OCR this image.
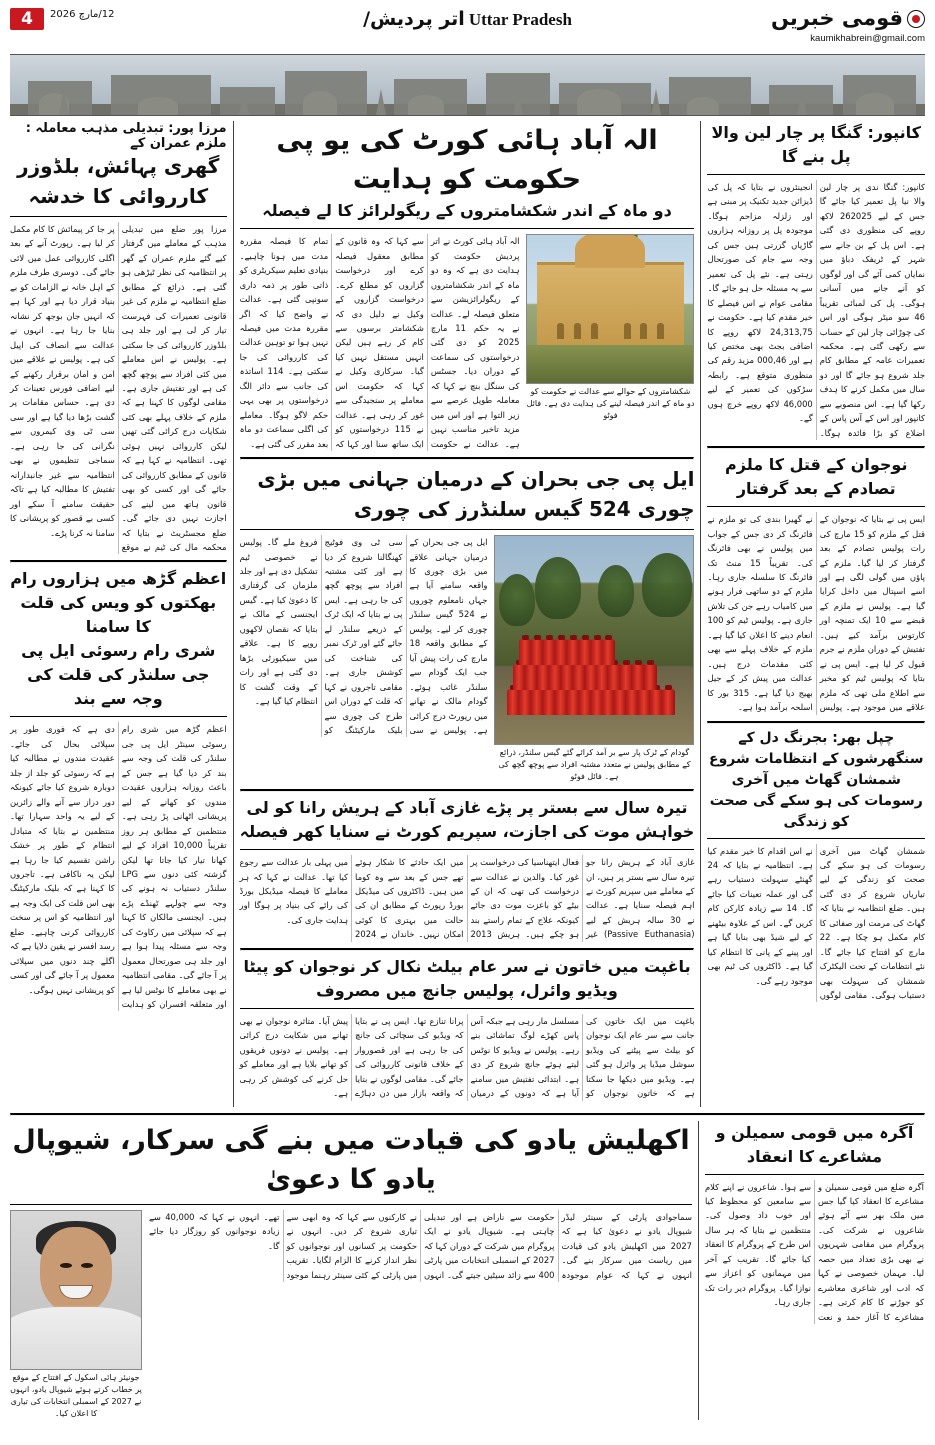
4	12/مارچ 2026	Uttar Pradesh
اتر پردیش/	قومی خبریں
kaumikhabrein@gmail.com
مرزا پور: تبدیلی مذہب معاملہ : ملزم عمران کے
گھری پہائش، بلڈوزر کارروائی کا خدشہ
مرزا پور ضلع میں تبدیلی مذہب کے معاملے میں گرفتار کیے گئے ملزم عمران کے گھر پر انتظامیہ کی نظر ٹیڑھی ہو گئی ہے۔ ذرائع کے مطابق ضلع انتظامیہ نے ملزم کی غیر قانونی تعمیرات کی فہرست تیار کر لی ہے اور جلد ہی بلڈوزر کارروائی کی جا سکتی ہے۔ پولیس نے اس معاملے میں کئی افراد سے پوچھ گچھ کی ہے اور تفتیش جاری ہے۔ مقامی لوگوں کا کہنا ہے کہ ملزم کے خلاف پہلے بھی کئی شکایات درج کرائی گئی تھیں لیکن کارروائی نہیں ہوئی تھی۔ انتظامیہ نے کہا ہے کہ قانون کے مطابق کارروائی کی جائے گی اور کسی کو بھی قانون ہاتھ میں لینے کی اجازت نہیں دی جائے گی۔ ضلع مجسٹریٹ نے بتایا کہ محکمہ مال کی ٹیم نے موقع پر جا کر پیمائش کا کام مکمل کر لیا ہے۔ رپورٹ آنے کے بعد اگلی کارروائی عمل میں لائی جائے گی۔ دوسری طرف ملزم کے اہل خانہ نے الزامات کو بے بنیاد قرار دیا ہے اور کہا ہے کہ انہیں جان بوجھ کر نشانہ بنایا جا رہا ہے۔ انہوں نے عدالت سے انصاف کی اپیل کی ہے۔ پولیس نے علاقے میں امن و امان برقرار رکھنے کے لیے اضافی فورس تعینات کر دی ہے۔ حساس مقامات پر گشت بڑھا دیا گیا ہے اور سی سی ٹی وی کیمروں سے نگرانی کی جا رہی ہے۔ سماجی تنظیموں نے بھی انتظامیہ سے غیر جانبدارانہ تفتیش کا مطالبہ کیا ہے تاکہ حقیقت سامنے آ سکے اور کسی بے قصور کو پریشانی کا سامنا نہ کرنا پڑے۔
اعظم گڑھ میں ہزاروں رام بھکتوں کو ویس کی قلت کا سامنا
شری رام رسوئی ایل پی جی سلنڈر کی قلت کی وجہ سے بند
اعظم گڑھ میں شری رام رسوئی سینٹر ایل پی جی سلنڈر کی قلت کی وجہ سے بند کر دیا گیا ہے جس کے باعث روزانہ ہزاروں عقیدت مندوں کو کھانے کے لیے پریشانی اٹھانی پڑ رہی ہے۔ منتظمین کے مطابق ہر روز تقریباً 10,000 افراد کے لیے کھانا تیار کیا جاتا تھا لیکن گزشتہ کئی دنوں سے LPG سلنڈر دستیاب نہ ہونے کی وجہ سے چولہے ٹھنڈے پڑے ہیں۔ ایجنسی مالکان کا کہنا ہے کہ سپلائی میں رکاوٹ کی وجہ سے مسئلہ پیدا ہوا ہے اور جلد ہی صورتحال معمول پر آ جائے گی۔ مقامی انتظامیہ نے بھی معاملے کا نوٹس لیا ہے اور متعلقہ افسران کو ہدایت دی ہے کہ فوری طور پر سپلائی بحال کی جائے۔ عقیدت مندوں نے مطالبہ کیا ہے کہ رسوئی کو جلد از جلد دوبارہ شروع کیا جائے کیونکہ دور دراز سے آنے والے زائرین کے لیے یہ واحد سہارا تھا۔ منتظمین نے بتایا کہ متبادل انتظام کے طور پر خشک راشن تقسیم کیا جا رہا ہے لیکن یہ ناکافی ہے۔ تاجروں کا کہنا ہے کہ بلیک مارکیٹنگ بھی اس قلت کی ایک وجہ ہے اور انتظامیہ کو اس پر سخت کارروائی کرنی چاہیے۔ ضلع رسد افسر نے یقین دلایا ہے کہ اگلے چند دنوں میں سپلائی معمول پر آ جائے گی اور کسی کو پریشانی نہیں ہوگی۔
الہ آباد ہائی کورٹ کی یو پی حکومت کو ہدایت
دو ماہ کے اندر شکشامتروں کے ریگولرائز کا لے فیصلہ
شکشامتروں کے حوالے سے عدالت نے حکومت کو دو ماہ کے اندر فیصلہ لینے کی ہدایت دی ہے۔ فائل فوٹو
الہ آباد ہائی کورٹ نے اتر پردیش حکومت کو ہدایت دی ہے کہ وہ دو ماہ کے اندر شکشامتروں کے ریگولرائزیشن سے متعلق فیصلہ لے۔ عدالت نے یہ حکم 11 مارچ 2025 کو دی گئی درخواستوں کی سماعت کے دوران دیا۔ جسٹس کی سنگل بنچ نے کہا کہ معاملہ طویل عرصے سے زیر التوا ہے اور اس میں مزید تاخیر مناسب نہیں ہے۔ عدالت نے حکومت سے کہا کہ وہ قانون کے مطابق معقول فیصلہ کرے اور درخواست گزاروں کو مطلع کرے۔ درخواست گزاروں کے وکیل نے دلیل دی کہ شکشامتر برسوں سے کام کر رہے ہیں لیکن انہیں مستقل نہیں کیا گیا۔ سرکاری وکیل نے کہا کہ حکومت اس معاملے پر سنجیدگی سے غور کر رہی ہے۔ عدالت نے 115 درخواستوں کو ایک ساتھ سنا اور کہا کہ تمام کا فیصلہ مقررہ مدت میں ہونا چاہیے۔ بنیادی تعلیم سیکریٹری کو ذاتی طور پر ذمہ داری سونپی گئی ہے۔ عدالت نے واضح کیا کہ اگر مقررہ مدت میں فیصلہ نہیں ہوا تو توہین عدالت کی کارروائی کی جا سکتی ہے۔ 114 اساتذہ کی جانب سے دائر الگ درخواستوں پر بھی یہی حکم لاگو ہوگا۔ معاملے کی اگلی سماعت دو ماہ بعد مقرر کی گئی ہے۔
ایل پی جی بحران کے درمیان جہانی میں بڑی چوری 524 گیس سلنڈرز کی چوری
گودام کے ٹرک پار سے بر آمد کرائے گئے گیس سلنڈر، ذرائع کے مطابق پولیس نے متعدد مشتبہ افراد سے پوچھ گچھ کی ہے۔ فائل فوٹو
ایل پی جی بحران کے درمیان جہانی علاقے میں بڑی چوری کا واقعہ سامنے آیا ہے جہاں نامعلوم چوروں نے 524 گیس سلنڈر چوری کر لیے۔ پولیس کے مطابق واقعہ 18 مارچ کی رات پیش آیا جب ایک گودام سے سلنڈر غائب ہوئے۔ گودام مالک نے تھانے میں رپورٹ درج کرائی ہے۔ پولیس نے سی سی ٹی وی فوٹیج کھنگالنا شروع کر دیا ہے اور کئی مشتبہ افراد سے پوچھ گچھ کی جا رہی ہے۔ ایس پی نے بتایا کہ ایک ٹرک کے ذریعے سلنڈر لے جائے گئے اور ٹرک نمبر کی شناخت کی کوشش جاری ہے۔ مقامی تاجروں نے کہا کہ قلت کے دوران اس طرح کی چوری سے بلیک مارکیٹنگ کو فروغ ملے گا۔ پولیس نے خصوصی ٹیم تشکیل دی ہے اور جلد ملزمان کی گرفتاری کا دعویٰ کیا ہے۔ گیس ایجنسی کے مالک نے بتایا کہ نقصان لاکھوں روپے کا ہے۔ علاقے میں سیکیورٹی بڑھا دی گئی ہے اور رات کے وقت گشت کا انتظام کیا گیا ہے۔
تیرہ سال سے بستر پر پڑے غازی آباد کے ہریش رانا کو لی
خواہش موت کی اجازت، سپریم کورٹ نے سنایا کھر فیصلہ
غازی آباد کے ہریش رانا جو تیرہ سال سے بستر پر ہیں، ان کے معاملے میں سپریم کورٹ نے اہم فیصلہ سنایا ہے۔ عدالت نے 30 سالہ ہریش کے لیے (Passive Euthanasia) غیر فعال ایتھناسیا کی درخواست پر غور کیا۔ والدین نے عدالت سے درخواست کی تھی کہ ان کے بیٹے کو باعزت موت دی جائے کیونکہ علاج کے تمام راستے بند ہو چکے ہیں۔ ہریش 2013 میں ایک حادثے کا شکار ہوئے تھے جس کے بعد سے وہ کوما میں ہیں۔ ڈاکٹروں کی میڈیکل بورڈ رپورٹ کے مطابق ان کی حالت میں بہتری کا کوئی امکان نہیں۔ خاندان نے 2024 میں پہلی بار عدالت سے رجوع کیا تھا۔ عدالت نے کہا کہ ہر معاملے کا فیصلہ میڈیکل بورڈ کی رائے کی بنیاد پر ہوگا اور ہدایت جاری کی۔
باغپت میں خاتون نے سر عام بیلٹ نکال کر نوجوان کو پیٹا
ویڈیو وائرل، پولیس جانچ میں مصروف
باغپت میں ایک خاتون کی جانب سے سر عام ایک نوجوان کو بیلٹ سے پیٹنے کی ویڈیو سوشل میڈیا پر وائرل ہو گئی ہے۔ ویڈیو میں دیکھا جا سکتا ہے کہ خاتون نوجوان کو مسلسل مار رہی ہے جبکہ آس پاس کھڑے لوگ تماشائی بنے رہے۔ پولیس نے ویڈیو کا نوٹس لیتے ہوئے جانچ شروع کر دی ہے۔ ابتدائی تفتیش میں سامنے آیا ہے کہ دونوں کے درمیان پرانا تنازع تھا۔ ایس پی نے بتایا کہ ویڈیو کی سچائی کی جانچ کی جا رہی ہے اور قصوروار کے خلاف قانونی کارروائی کی جائے گی۔ مقامی لوگوں نے بتایا کہ واقعہ بازار میں دن دہاڑے پیش آیا۔ متاثرہ نوجوان نے بھی تھانے میں شکایت درج کرائی ہے۔ پولیس نے دونوں فریقوں کو تھانے بلایا ہے اور معاملے کو حل کرنے کی کوشش کر رہی ہے۔
کانپور: گنگا پر چار لین والا پل بنے گا
کانپور: گنگا ندی پر چار لین والا نیا پل تعمیر کیا جائے گا جس کے لیے 262025 لاکھ روپے کی منظوری دی گئی ہے۔ اس پل کے بن جانے سے شہر کے ٹریفک دباؤ میں نمایاں کمی آئے گی اور لوگوں کو آنے جانے میں آسانی ہوگی۔ پل کی لمبائی تقریباً 46 سو میٹر ہوگی اور اس کی چوڑائی چار لین کے حساب سے رکھی گئی ہے۔ محکمہ تعمیرات عامہ کے مطابق کام جلد شروع ہو جائے گا اور دو سال میں مکمل کرنے کا ہدف رکھا گیا ہے۔ اس منصوبے سے کانپور اور اس کے آس پاس کے اضلاع کو بڑا فائدہ ہوگا۔ انجینئروں نے بتایا کہ پل کی ڈیزائن جدید تکنیک پر مبنی ہے اور زلزلہ مزاحم ہوگا۔ موجودہ پل پر روزانہ ہزاروں گاڑیاں گزرتی ہیں جس کی وجہ سے جام کی صورتحال رہتی ہے۔ نئے پل کی تعمیر سے یہ مسئلہ حل ہو جائے گا۔ مقامی عوام نے اس فیصلے کا خیر مقدم کیا ہے۔ حکومت نے 24,313,75 لاکھ روپے کا اضافی بجٹ بھی مختص کیا ہے اور 000,46 مزید رقم کی منظوری متوقع ہے۔ رابطہ سڑکوں کی تعمیر کے لیے 46,000 لاکھ روپے خرچ ہوں گے۔
نوجوان کے قتل کا ملزم تصادم کے بعد گرفتار
ایس پی نے بتایا کہ نوجوان کے قتل کے ملزم کو 15 مارچ کی رات پولیس تصادم کے بعد گرفتار کر لیا گیا۔ ملزم کے پاؤں میں گولی لگی ہے اور اسے اسپتال میں داخل کرایا گیا ہے۔ پولیس نے ملزم کے قبضے سے 10 ایک تمنچہ اور کارتوس برآمد کیے ہیں۔ تفتیش کے دوران ملزم نے جرم قبول کر لیا ہے۔ ایس پی نے بتایا کہ پولیس ٹیم کو مخبر سے اطلاع ملی تھی کہ ملزم علاقے میں موجود ہے۔ پولیس نے گھیرا بندی کی تو ملزم نے فائرنگ کر دی جس کے جواب میں پولیس نے بھی فائرنگ کی۔ تقریباً 15 منٹ تک فائرنگ کا سلسلہ جاری رہا۔ ملزم کے دو ساتھی فرار ہونے میں کامیاب رہے جن کی تلاش جاری ہے۔ پولیس ٹیم کو 100 انعام دینے کا اعلان کیا گیا ہے۔ ملزم کے خلاف پہلے سے بھی کئی مقدمات درج ہیں۔ عدالت میں پیش کر کے جیل بھیج دیا گیا ہے۔ 315 بور کا اسلحہ برآمد ہوا ہے۔
چپل بھر: بجرنگ دل کے سنگھرشوں کے انتظامات شروع
شمشان گھاٹ میں آخری رسومات کی ہو سکے گی صحت کو زندگی
شمشان گھاٹ میں آخری رسومات کی ہو سکے گی صحت کو زندگی کے لیے تیاریاں شروع کر دی گئی ہیں۔ ضلع انتظامیہ نے بتایا کہ گھاٹ کی مرمت اور صفائی کا کام مکمل ہو چکا ہے۔ 22 مارچ کو افتتاح کیا جائے گا۔ نئے انتظامات کے تحت الیکٹرک شمشان کی سہولت بھی دستیاب ہوگی۔ مقامی لوگوں نے اس اقدام کا خیر مقدم کیا ہے۔ انتظامیہ نے بتایا کہ 24 گھنٹے سہولت دستیاب رہے گی اور عملہ تعینات کیا جائے گا۔ 14 سے زیادہ کارکن کام کریں گے۔ اس کے علاوہ بیٹھنے کے لیے شیڈ بھی بنایا گیا ہے اور پینے کے پانی کا انتظام کیا گیا ہے۔ ڈاکٹروں کی ٹیم بھی موجود رہے گی۔
اکھلیش یادو کی قیادت میں بنے گی سرکار، شیوپال یادو کا دعویٰ
سماجوادی پارٹی کے سینئر لیڈر شیوپال یادو نے دعویٰ کیا ہے کہ 2027 میں اکھلیش یادو کی قیادت میں ریاست میں سرکار بنے گی۔ انہوں نے کہا کہ عوام موجودہ حکومت سے ناراض ہے اور تبدیلی چاہتی ہے۔ شیوپال یادو نے ایک پروگرام میں شرکت کے دوران کہا کہ 2027 کے اسمبلی انتخابات میں پارٹی 400 سے زائد سیٹیں جیتے گی۔ انہوں نے کارکنوں سے کہا کہ وہ ابھی سے تیاری شروع کر دیں۔ انہوں نے حکومت پر کسانوں اور نوجوانوں کو نظر انداز کرنے کا الزام لگایا۔ تقریب میں پارٹی کے کئی سینئر رہنما موجود تھے۔ انہوں نے کہا کہ 40,000 سے زیادہ نوجوانوں کو روزگار دیا جائے گا۔
جونیئر ہائی اسکول کے افتتاح کے موقع پر خطاب کرتے ہوئے شیوپال یادو، انہوں نے 2027 کے اسمبلی انتخابات کی تیاری کا اعلان کیا۔
آگرہ میں قومی سمیلن و مشاعرے کا انعقاد
آگرہ ضلع میں قومی سمیلن و مشاعرے کا انعقاد کیا گیا جس میں ملک بھر سے آئے ہوئے شاعروں نے شرکت کی۔ پروگرام میں مقامی شہریوں نے بھی بڑی تعداد میں حصہ لیا۔ مہمان خصوصی نے کہا کہ ادب اور شاعری معاشرے کو جوڑنے کا کام کرتی ہے۔ مشاعرے کا آغاز حمد و نعت سے ہوا۔ شاعروں نے اپنے کلام سے سامعین کو محظوظ کیا اور خوب داد وصول کی۔ منتظمین نے بتایا کہ ہر سال اس طرح کے پروگرام کا انعقاد کیا جائے گا۔ تقریب کے آخر میں مہمانوں کو اعزاز سے نوازا گیا۔ پروگرام دیر رات تک جاری رہا۔
